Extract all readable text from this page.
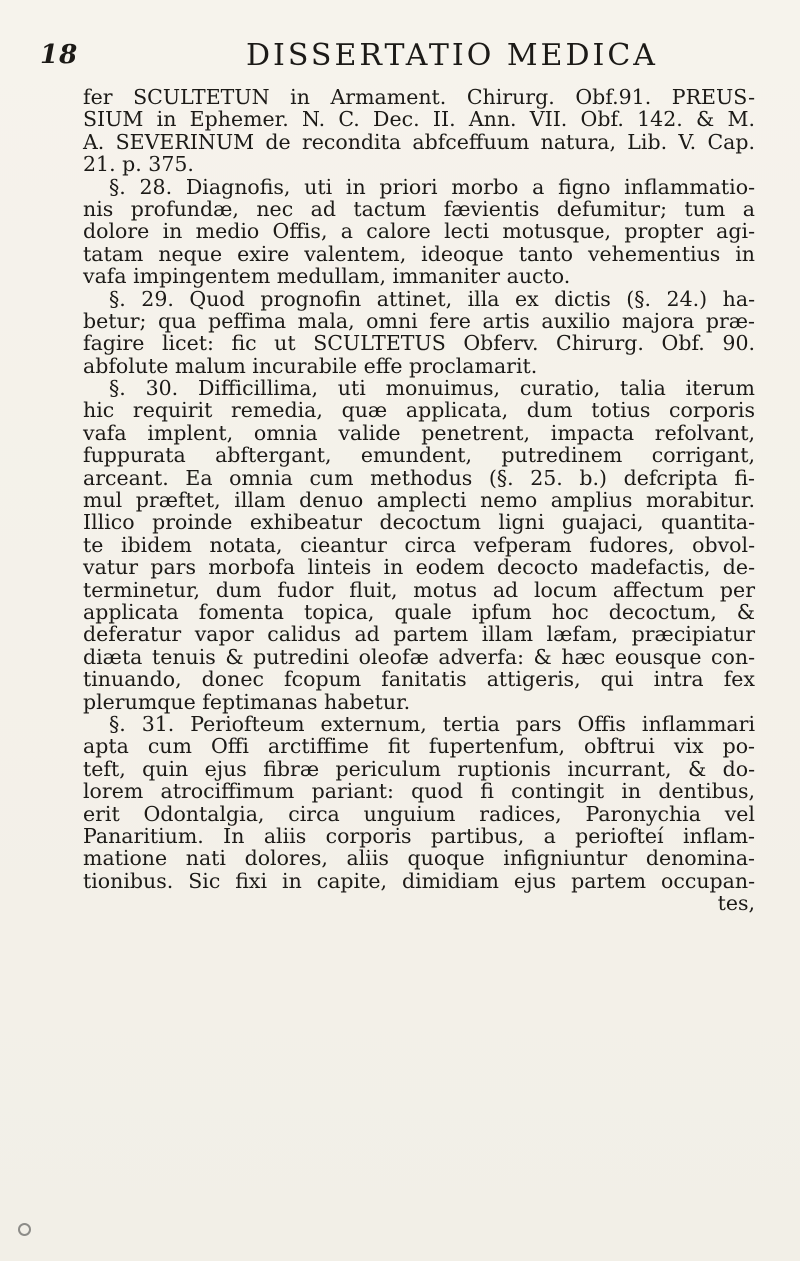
18	DISSERTATIO MEDICA
fer SCULTETUN in Armament. Chirurg. Obf.91. PREUS-
SIUM in Ephemer. N. C. Dec. II. Ann. VII. Obf. 142. & M.
A. SEVERINUM de recondita abfceffuum natura, Lib. V. Cap.
21. p. 375.
§. 28. Diagnofis, uti in priori morbo a figno inflammatio-
nis profundæ, nec ad tactum fævientis defumitur; tum a
dolore in medio Offis, a calore lecti motusque, propter agi-
tatam neque exire valentem, ideoque tanto vehementius in
vafa impingentem medullam, immaniter aucto.
§. 29. Quod prognofin attinet, illa ex dictis (§. 24.) ha-
betur; qua peffima mala, omni fere artis auxilio majora præ-
fagire licet: fic ut SCULTETUS Obferv. Chirurg. Obf. 90.
abfolute malum incurabile effe proclamarit.
§. 30. Difficillima, uti monuimus, curatio, talia iterum
hic requirit remedia, quæ applicata, dum totius corporis
vafa implent, omnia valide penetrent, impacta refolvant,
fuppurata abftergant, emundent, putredinem corrigant,
arceant. Ea omnia cum methodus (§. 25. b.) defcripta fi-
mul præftet, illam denuo amplecti nemo amplius morabitur.
Illico proinde exhibeatur decoctum ligni guajaci, quantita-
te ibidem notata, cieantur circa vefperam fudores, obvol-
vatur pars morbofa linteis in eodem decocto madefactis, de-
terminetur, dum fudor fluit, motus ad locum affectum per
applicata fomenta topica, quale ipfum hoc decoctum, &
deferatur vapor calidus ad partem illam læfam, præcipiatur
diæta tenuis & putredini oleofæ adverfa: & hæc eousque con-
tinuando, donec fcopum fanitatis attigeris, qui intra fex
plerumque feptimanas habetur.
§. 31. Periofteum externum, tertia pars Offis inflammari
apta cum Offi arctiffime fit fupertenfum, obftrui vix po-
teft, quin ejus fibræ periculum ruptionis incurrant, & do-
lorem atrociffimum pariant: quod fi contingit in dentibus,
erit Odontalgia, circa unguium radices, Paronychia vel
Panaritium. In aliis corporis partibus, a periofteí inflam-
matione nati dolores, aliis quoque infigniuntur denomina-
tionibus. Sic fixi in capite, dimidiam ejus partem occupan-
tes,
